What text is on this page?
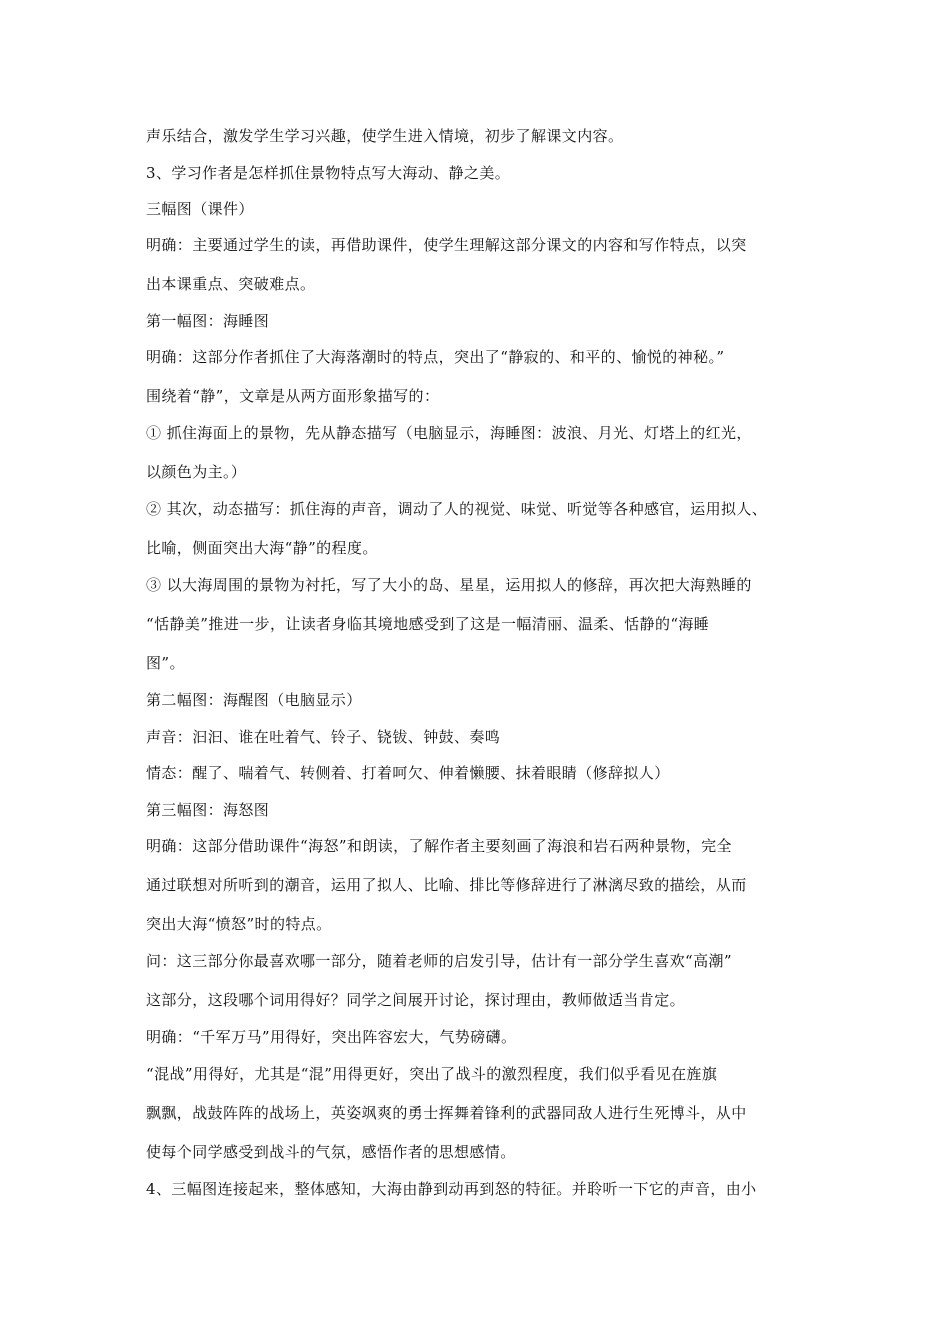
声乐结合，激发学生学习兴趣，使学生进入情境，初步了解课文内容。
3、学习作者是怎样抓住景物特点写大海动、静之美。
三幅图（课件）
明确：主要通过学生的读，再借助课件，使学生理解这部分课文的内容和写作特点，以突
出本课重点、突破难点。
第一幅图：海睡图
明确：这部分作者抓住了大海落潮时的特点，突出了“静寂的、和平的、愉悦的神秘。”
围绕着“静”，文章是从两方面形象描写的：
① 抓住海面上的景物，先从静态描写（电脑显示，海睡图：波浪、月光、灯塔上的红光，
以颜色为主。）
② 其次，动态描写：抓住海的声音，调动了人的视觉、味觉、听觉等各种感官，运用拟人、
比喻，侧面突出大海“静”的程度。
③ 以大海周围的景物为衬托，写了大小的岛、星星，运用拟人的修辞，再次把大海熟睡的
“恬静美”推进一步，让读者身临其境地感受到了这是一幅清丽、温柔、恬静的“海睡
图”。
第二幅图：海醒图（电脑显示）
声音：汩汩、谁在吐着气、铃子、铙钹、钟鼓、奏鸣
情态：醒了、喘着气、转侧着、打着呵欠、伸着懒腰、抹着眼睛（修辞拟人）
第三幅图：海怒图
明确：这部分借助课件“海怒”和朗读，了解作者主要刻画了海浪和岩石两种景物，完全
通过联想对所听到的潮音，运用了拟人、比喻、排比等修辞进行了淋漓尽致的描绘，从而
突出大海“愤怒”时的特点。
问：这三部分你最喜欢哪一部分，随着老师的启发引导，估计有一部分学生喜欢“高潮”
这部分，这段哪个词用得好？同学之间展开讨论，探讨理由，教师做适当肯定。
明确：“千军万马”用得好，突出阵容宏大，气势磅礴。
“混战”用得好，尤其是“混”用得更好，突出了战斗的激烈程度，我们似乎看见在旌旗
飘飘，战鼓阵阵的战场上，英姿飒爽的勇士挥舞着锋利的武器同敌人进行生死博斗，从中
使每个同学感受到战斗的气氛，感悟作者的思想感情。
4、三幅图连接起来，整体感知，大海由静到动再到怒的特征。并聆听一下它的声音，由小
